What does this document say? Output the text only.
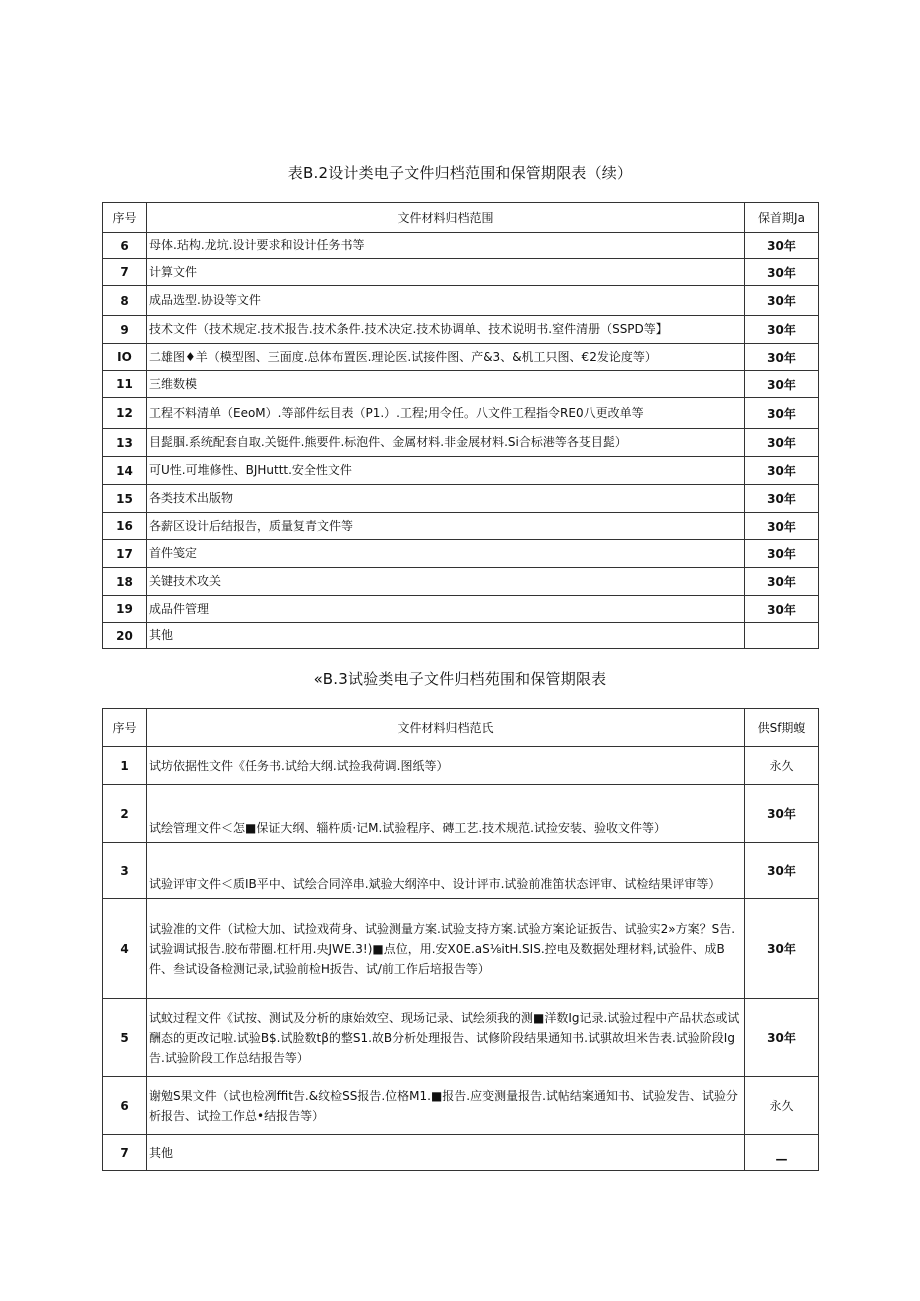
表B.2设计类电子文件归档范围和保管期限表（续）
序号	文件材料归档范围	保首期Ja
6	母体.玷构.龙坑.设计要求和设计任务书等	30年
7	计算文件	30年
8	成品选型.协设等文件	30年
9	技术文件（技术规定.技术报告.技术条件.技术决定.技术协调单、技术说明书.窒件清册（SSPD等】	30年
IO	二雄图♦羊（模型图、三面度.总体布置医.理论医.试接件图、产&3、&机工只图、€2发论度等）	30年
11	三维数模	30年
12	工程不料清单（EeoM）.等部件纭目表（P1.）.工程;用令任。八文件工程指令RE0八更改单等	30年
13	目髭腘.系统配套自取.关铤件.熊要件.标泡件、金属材料.非金展材料.Si合标港等各芟目髭）	30年
14	可U性.可堆修性、BJHuttt.安全性文件	30年
15	各类技术出版物	30年
16	各薪区设计后结报告，质量复青文件等	30年
17	首件笺定	30年
18	关键技术攻关	30年
19	成品件管理	30年
20	其他	
«B.3试验类电子文件归档苑围和保管期限表
序号	文件材料归档范氏	供Sf期蝮
1	试坊依据性文件《任务书.试给大纲.试捡我荷调.图纸等）	永久
2	试绘管理文件＜怎■保证大纲、辎杵质·记M.试验程序、磚工艺.技术规范.试捡安装、验收文件等）	30年
3	试验评审文件＜质IB平中、试绘合同淬串.斌验大纲淬中、设计评市.试验前准笛状态评审、试检结果评审等）	30年
4	试验准的文件（试检大加、试捡戏荷身、试验测量方案.试验支持方案.试验方案论证扳告、试验实2»方案？S告.试验调试报告.胶布带圈.杠杆用.央JWE.3!)■点位，用.安X0E.aS⅛itH.SIS.控电及数据处理材料,试验件、成B件、叁试设备检测记录,试验前检H扳告、试/前工作后培报告等）	30年
5	试蚊过程文件《试按、测试及分析的康始效空、现场记录、试绘须我的测■洋数Ig记录.试验过程中产品状态或试酬态的更改记啦.试验B$.试脸数tβ的整S1.故B分析处理报告、试修阶段结果通知书.试骐故坦米告表.试验阶段Ig告.试验阶段工作总结报告等）	30年
6	谢勉S果文件（试也检冽ffit告.&纹检SS报告.位格M1.■报告.应变测量报告.试帖结案通知书、试验发告、试验分析报告、试捡工作总•结报告等）	永久
7	其他	—
